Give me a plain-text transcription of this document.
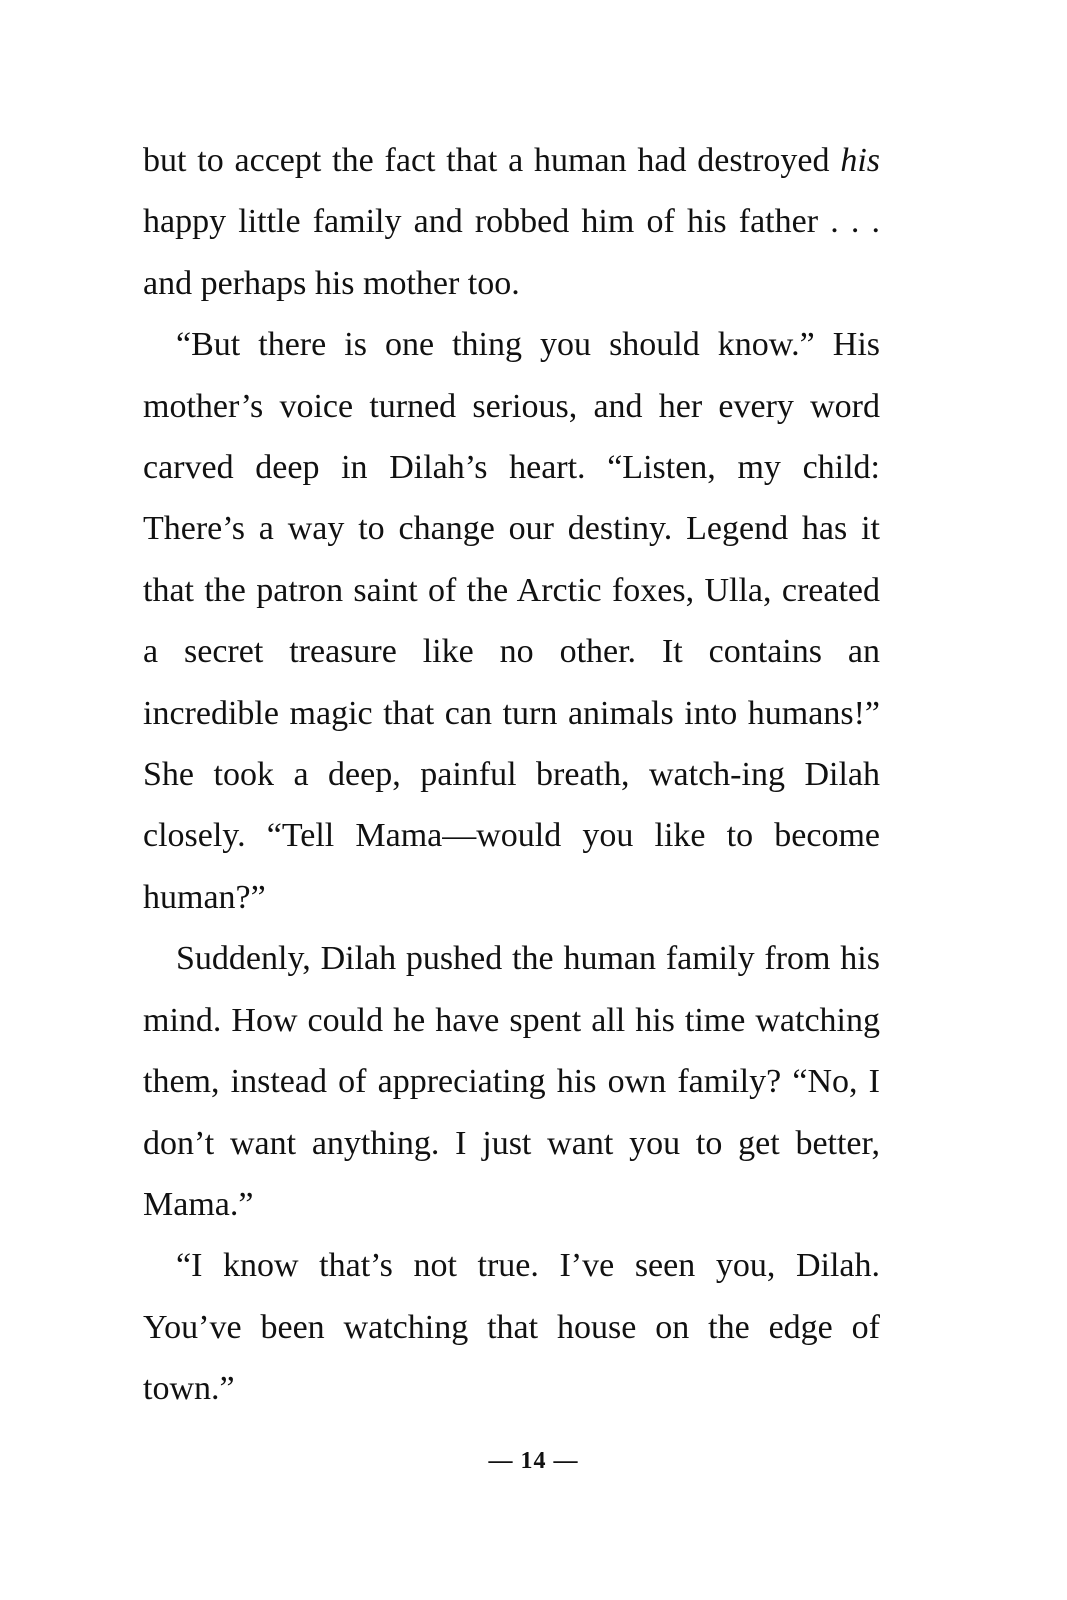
but to accept the fact that a human had destroyed his happy little family and robbed him of his father . . . and perhaps his mother too.

“But there is one thing you should know.” His mother’s voice turned serious, and her every word carved deep in Dilah’s heart. “Listen, my child: There’s a way to change our destiny. Legend has it that the patron saint of the Arctic foxes, Ulla, created a secret treasure like no other. It contains an incredible magic that can turn animals into humans!” She took a deep, painful breath, watch-ing Dilah closely. “Tell Mama—would you like to become human?”

Suddenly, Dilah pushed the human family from his mind. How could he have spent all his time watching them, instead of appreciating his own family? “No, I don’t want anything. I just want you to get better, Mama.”

“I know that’s not true. I’ve seen you, Dilah. You’ve been watching that house on the edge of town.”

— 14 —
